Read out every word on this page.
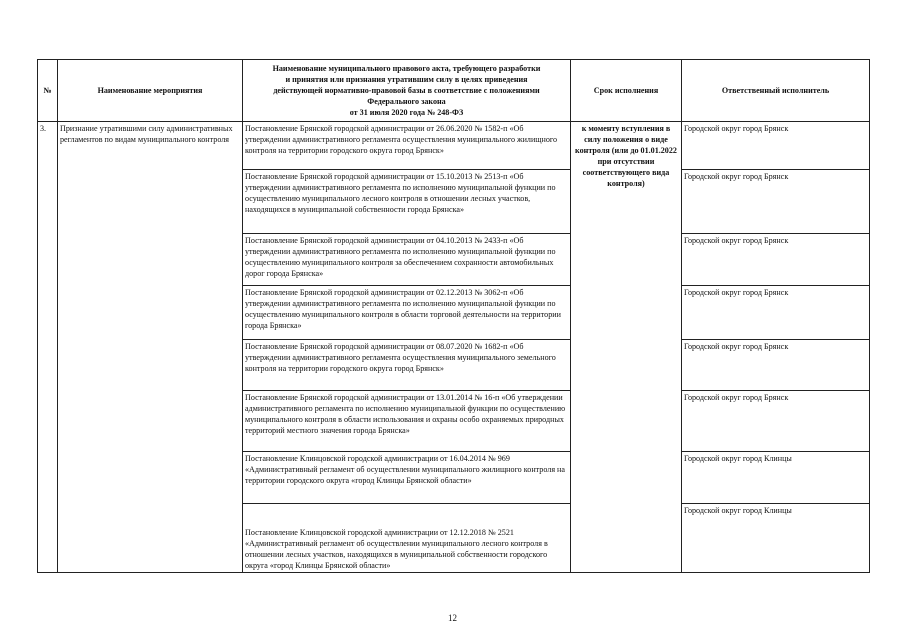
№	Наименование мероприятия	Наименование муниципального правового акта, требующего разработки
и принятия или признания утратившим силу в целях приведения
действующей нормативно-правовой базы в соответствие с положениями
Федерального закона
от 31 июля 2020 года № 248-ФЗ	Срок исполнения	Ответственный исполнитель
3.	Признание утратившими силу административных регламентов по видам муниципального контроля	Постановление Брянской городской администрации от 26.06.2020 № 1582-п «Об утверждении административного регламента осуществления муниципального жилищного контроля на территории городского округа город Брянск»	к моменту вступления в силу положения о виде контроля (или до 01.01.2022 при отсутствии соответствующего вида контроля)	Городской округ город Брянск
		Постановление Брянской городской администрации от 15.10.2013 № 2513-п «Об утверждении административного регламента по исполнению муниципальной функции по осуществлению муниципального лесного контроля в отношении лесных участков, находящихся в муниципальной собственности города Брянска»		Городской округ город Брянск
		Постановление Брянской городской администрации от 04.10.2013 № 2433-п «Об утверждении административного регламента по исполнению муниципальной функции по осуществлению муниципального контроля за обеспечением сохранности автомобильных дорог города Брянска»		Городской округ город Брянск
		Постановление Брянской городской администрации от 02.12.2013 № 3062-п «Об утверждении административного регламента по исполнению муниципальной функции по осуществлению муниципального контроля в области торговой деятельности на территории города Брянска»		Городской округ город Брянск
		Постановление Брянской городской администрации от 08.07.2020 № 1682-п «Об утверждении административного регламента осуществления муниципального земельного контроля на территории городского округа город Брянск»		Городской округ город Брянск
		Постановление Брянской городской администрации от 13.01.2014 № 16-п «Об утверждении административного регламента по исполнению муниципальной функции по осуществлению муниципального контроля в области использования и охраны особо охраняемых природных территорий местного значения города Брянска»		Городской округ город Брянск
		Постановление Клинцовской городской администрации от 16.04.2014 № 969 «Административный регламент об осуществлении муниципального жилищного контроля на территории городского округа «город Клинцы Брянской области»		Городской округ город Клинцы
		Постановление Клинцовской городской администрации от 12.12.2018 № 2521 «Административный регламент об осуществлении муниципального лесного контроля в отношении лесных участков, находящихся в муниципальной собственности городского округа «город Клинцы Брянской области»		Городской округ город Клинцы
12
